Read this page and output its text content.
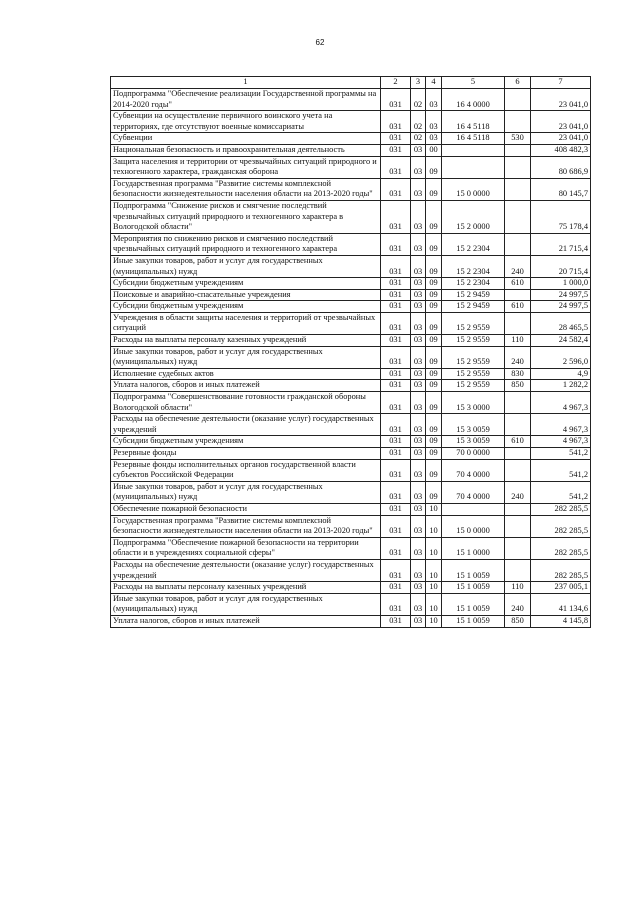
62
1	2	3	4	5	6	7
Подпрограмма "Обеспечение реализации Государственной программы на 2014-2020 годы"	031	02	03	16 4 0000		23 041,0
Субвенции на осуществление первичного воинского учета на территориях, где отсутствуют военные комиссариаты	031	02	03	16 4 5118		23 041,0
Субвенции	031	02	03	16 4 5118	530	23 041,0
Национальная безопасность и правоохранительная деятельность	031	03	00			408 482,3
Защита населения и территории от чрезвычайных ситуаций природного и техногенного характера, гражданская оборона	031	03	09			80 686,9
Государственная программа "Развитие системы комплексной безопасности жизнедеятельности населения области на 2013-2020 годы"	031	03	09	15 0 0000		80 145,7
Подпрограмма "Снижение рисков и смягчение последствий чрезвычайных ситуаций природного и техногенного характера в Вологодской области"	031	03	09	15 2 0000		75 178,4
Мероприятия по снижению рисков и смягчению последствий чрезвычайных ситуаций природного и техногенного характера	031	03	09	15 2 2304		21 715,4
Иные закупки товаров, работ и услуг для государственных (муниципальных) нужд	031	03	09	15 2 2304	240	20 715,4
Субсидии бюджетным учреждениям	031	03	09	15 2 2304	610	1 000,0
Поисковые и аварийно-спасательные учреждения	031	03	09	15 2 9459		24 997,5
Субсидии бюджетным учреждениям	031	03	09	15 2 9459	610	24 997,5
Учреждения в области защиты населения и территорий от чрезвычайных ситуаций	031	03	09	15 2 9559		28 465,5
Расходы на выплаты персоналу казенных учреждений	031	03	09	15 2 9559	110	24 582,4
Иные закупки товаров, работ и услуг для государственных (муниципальных) нужд	031	03	09	15 2 9559	240	2 596,0
Исполнение судебных актов	031	03	09	15 2 9559	830	4,9
Уплата налогов, сборов и иных платежей	031	03	09	15 2 9559	850	1 282,2
Подпрограмма "Совершенствование готовности гражданской обороны Вологодской области"	031	03	09	15 3 0000		4 967,3
Расходы на обеспечение деятельности (оказание услуг) государственных учреждений	031	03	09	15 3 0059		4 967,3
Субсидии бюджетным учреждениям	031	03	09	15 3 0059	610	4 967,3
Резервные фонды	031	03	09	70 0 0000		541,2
Резервные фонды исполнительных органов государственной власти субъектов Российской Федерации	031	03	09	70 4 0000		541,2
Иные закупки товаров, работ и услуг для государственных (муниципальных) нужд	031	03	09	70 4 0000	240	541,2
Обеспечение пожарной безопасности	031	03	10			282 285,5
Государственная программа "Развитие системы комплексной безопасности жизнедеятельности населения области на 2013-2020 годы"	031	03	10	15 0 0000		282 285,5
Подпрограмма "Обеспечение пожарной безопасности на территории области и в учреждениях социальной сферы"	031	03	10	15 1 0000		282 285,5
Расходы на обеспечение деятельности (оказание услуг) государственных учреждений	031	03	10	15 1 0059		282 285,5
Расходы на выплаты персоналу казенных учреждений	031	03	10	15 1 0059	110	237 005,1
Иные закупки товаров, работ и услуг для государственных (муниципальных) нужд	031	03	10	15 1 0059	240	41 134,6
Уплата налогов, сборов и иных платежей	031	03	10	15 1 0059	850	4 145,8
